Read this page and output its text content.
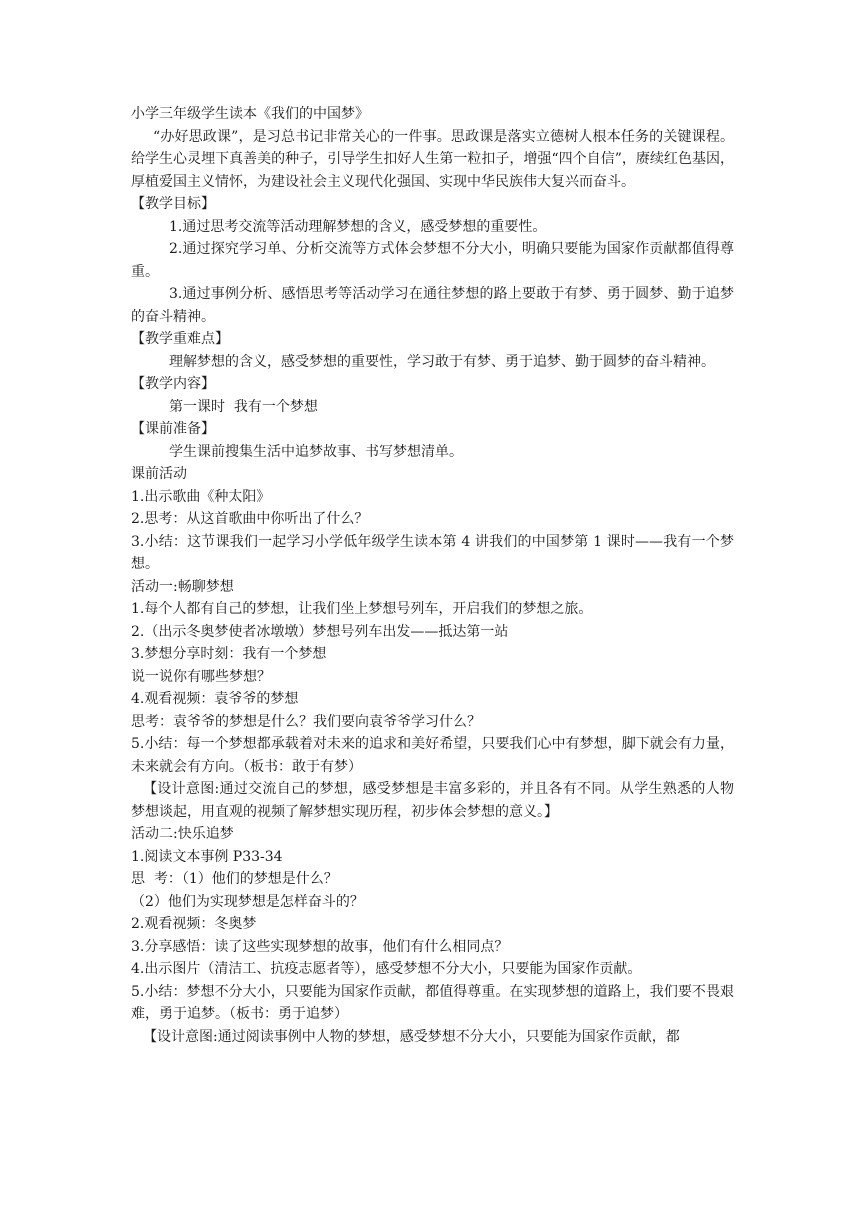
小学三年级学生读本《我们的中国梦》

“办好思政课”，是习总书记非常关心的一件事。思政课是落实立德树人根本任务的关键课程。给学生心灵埋下真善美的种子，引导学生扣好人生第一粒扣子，增强“四个自信”，赓续红色基因，厚植爱国主义情怀，为建设社会主义现代化强国、实现中华民族伟大复兴而奋斗。

【教学目标】

1.通过思考交流等活动理解梦想的含义，感受梦想的重要性。

2.通过探究学习单、分析交流等方式体会梦想不分大小，明确只要能为国家作贡献都值得尊重。

3.通过事例分析、感悟思考等活动学习在通往梦想的路上要敢于有梦、勇于圆梦、勤于追梦的奋斗精神。

【教学重难点】

理解梦想的含义，感受梦想的重要性，学习敢于有梦、勇于追梦、勤于圆梦的奋斗精神。

【教学内容】

第一课时  我有一个梦想

【课前准备】

学生课前搜集生活中追梦故事、书写梦想清单。

课前活动

1.出示歌曲《种太阳》

2.思考：从这首歌曲中你听出了什么？

3.小结：这节课我们一起学习小学低年级学生读本第 4 讲我们的中国梦第 1 课时——我有一个梦想。

活动一:畅聊梦想

1.每个人都有自己的梦想，让我们坐上梦想号列车，开启我们的梦想之旅。

2.（出示冬奥梦使者冰墩墩）梦想号列车出发——抵达第一站

3.梦想分享时刻：我有一个梦想

说一说你有哪些梦想？

4.观看视频：袁爷爷的梦想

思考：袁爷爷的梦想是什么？我们要向袁爷爷学习什么？

5.小结：每一个梦想都承载着对未来的追求和美好希望，只要我们心中有梦想，脚下就会有力量，未来就会有方向。（板书：敢于有梦）

【设计意图:通过交流自己的梦想，感受梦想是丰富多彩的，并且各有不同。从学生熟悉的人物梦想谈起，用直观的视频了解梦想实现历程，初步体会梦想的意义。】

活动二:快乐追梦

1.阅读文本事例 P33-34

思  考：（1）他们的梦想是什么？

（2）他们为实现梦想是怎样奋斗的？

2.观看视频：冬奥梦

3.分享感悟：读了这些实现梦想的故事，他们有什么相同点？

4.出示图片（清洁工、抗疫志愿者等），感受梦想不分大小，只要能为国家作贡献。

5.小结：梦想不分大小，只要能为国家作贡献，都值得尊重。在实现梦想的道路上，我们要不畏艰难，勇于追梦。（板书：勇于追梦）

【设计意图:通过阅读事例中人物的梦想，感受梦想不分大小，只要能为国家作贡献，都
